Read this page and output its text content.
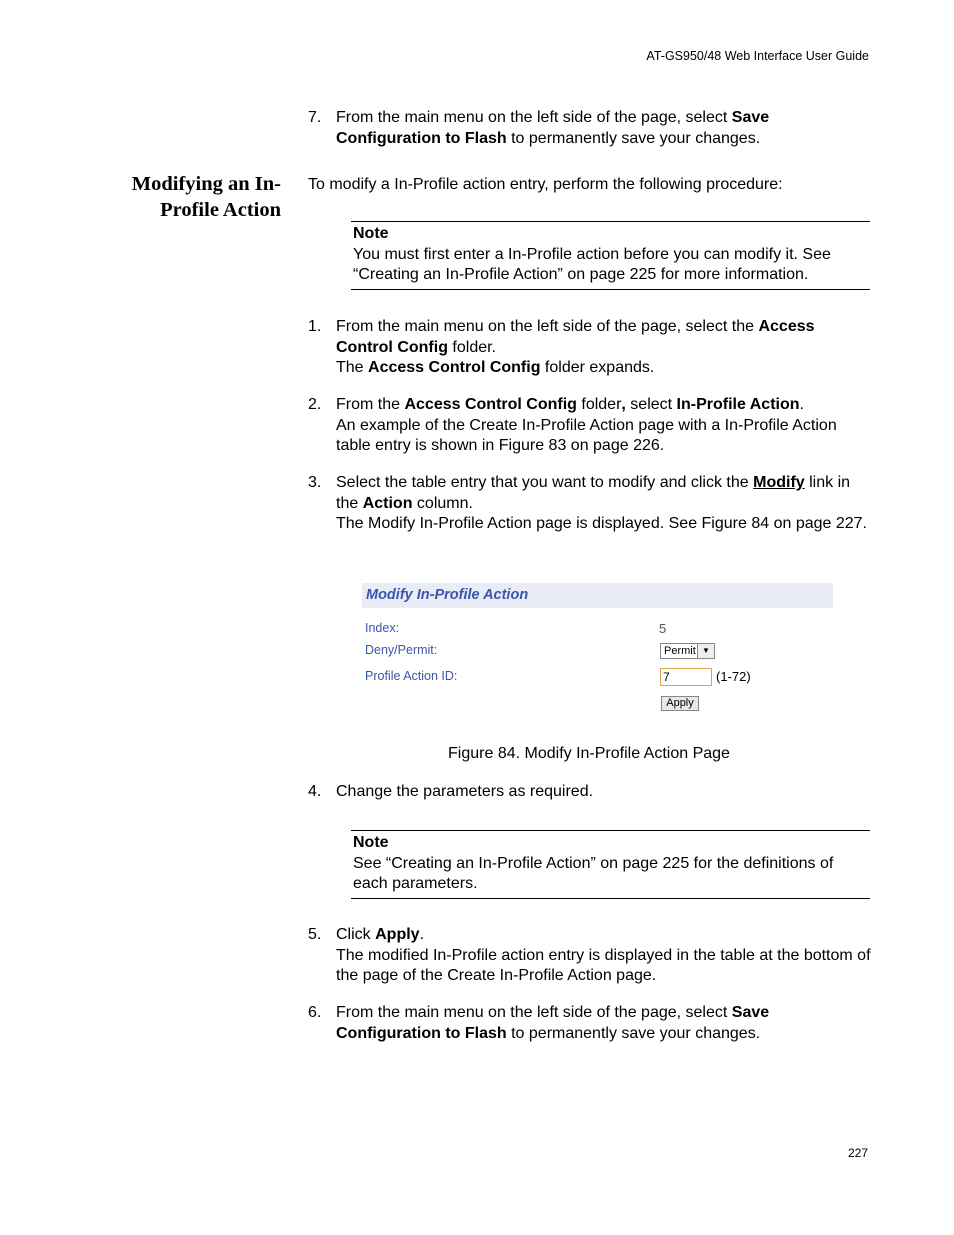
AT-GS950/48 Web Interface User Guide
7. From the main menu on the left side of the page, select Save Configuration to Flash to permanently save your changes.
Modifying an In-Profile Action
To modify a In-Profile action entry, perform the following procedure:
Note
You must first enter a In-Profile action before you can modify it. See “Creating an In-Profile Action” on page 225 for more information.
1. From the main menu on the left side of the page, select the Access Control Config folder.

The Access Control Config folder expands.

2. From the Access Control Config folder, select In-Profile Action.

An example of the Create In-Profile Action page with a In-Profile Action table entry is shown in Figure 83 on page 226.

3. Select the table entry that you want to modify and click the Modify link in the Action column.

The Modify In-Profile Action page is displayed. See Figure 84 on page 227.

Modify In-Profile Action
Index:	5
Deny/Permit:	Permit ▼
Profile Action ID:	7	(1-72)
Apply
Figure 84. Modify In-Profile Action Page
4. Change the parameters as required.
Note
See “Creating an In-Profile Action” on page 225 for the definitions of each parameters.
5. Click Apply.

The modified In-Profile action entry is displayed in the table at the bottom of the page of the Create In-Profile Action page.

6. From the main menu on the left side of the page, select Save Configuration to Flash to permanently save your changes.
227
